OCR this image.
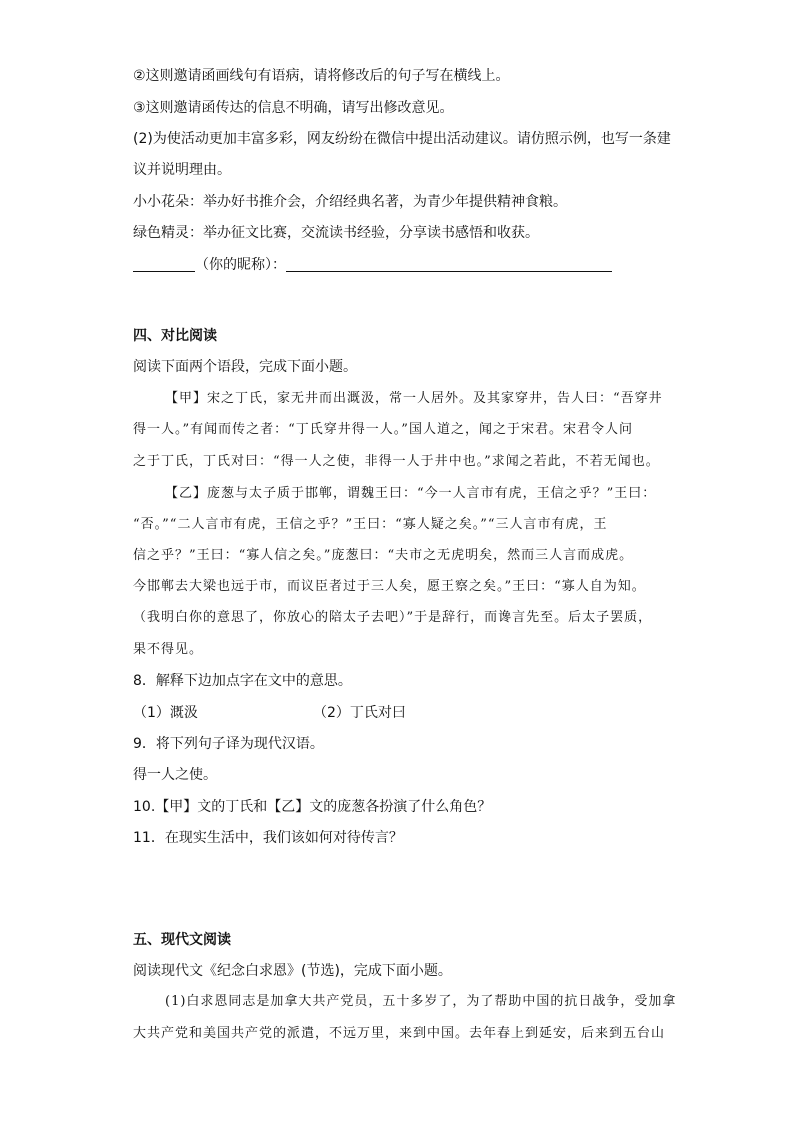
②这则邀请函画线句有语病，请将修改后的句子写在横线上。
③这则邀请函传达的信息不明确，请写出修改意见。
(2)为使活动更加丰富多彩，网友纷纷在微信中提出活动建议。请仿照示例，也写一条建
议并说明理由。
小小花朵：举办好书推介会，介绍经典名著，为青少年提供精神食粮。
绿色精灵：举办征文比赛，交流读书经验，分享读书感悟和收获。
（你的昵称）：
四、对比阅读
阅读下面两个语段，完成下面小题。
【甲】宋之丁氏，家无井而出溉汲，常一人居外。及其家穿井，告人曰：“吾穿井
得一人。”有闻而传之者：“丁氏穿井得一人。”国人道之，闻之于宋君。宋君令人问
之于丁氏，丁氏对曰：“得一人之使，非得一人于井中也。”求闻之若此，不若无闻也。
【乙】庞葱与太子质于邯郸，谓魏王曰：“今一人言市有虎，王信之乎？”王曰：
“否。”“二人言市有虎，王信之乎？”王曰：“寡人疑之矣。”“三人言市有虎，王
信之乎？”王曰：“寡人信之矣。”庞葱曰：“夫市之无虎明矣，然而三人言而成虎。
今邯郸去大梁也远于市，而议臣者过于三人矣，愿王察之矣。”王曰：“寡人自为知。
（我明白你的意思了，你放心的陪太子去吧）”于是辞行，而谗言先至。后太子罢质，
果不得见。
8．解释下边加点字在文中的意思。
（1）溉汲	（2）丁氏对曰
9．将下列句子译为现代汉语。
得一人之使。
10.【甲】文的丁氏和【乙】文的庞葱各扮演了什么角色？
11．在现实生活中，我们该如何对待传言？
五、现代文阅读
阅读现代文《纪念白求恩》(节选)，完成下面小题。
(1)白求恩同志是加拿大共产党员，五十多岁了，为了帮助中国的抗日战争，受加拿
大共产党和美国共产党的派遣，不远万里，来到中国。去年春上到延安，后来到五台山
